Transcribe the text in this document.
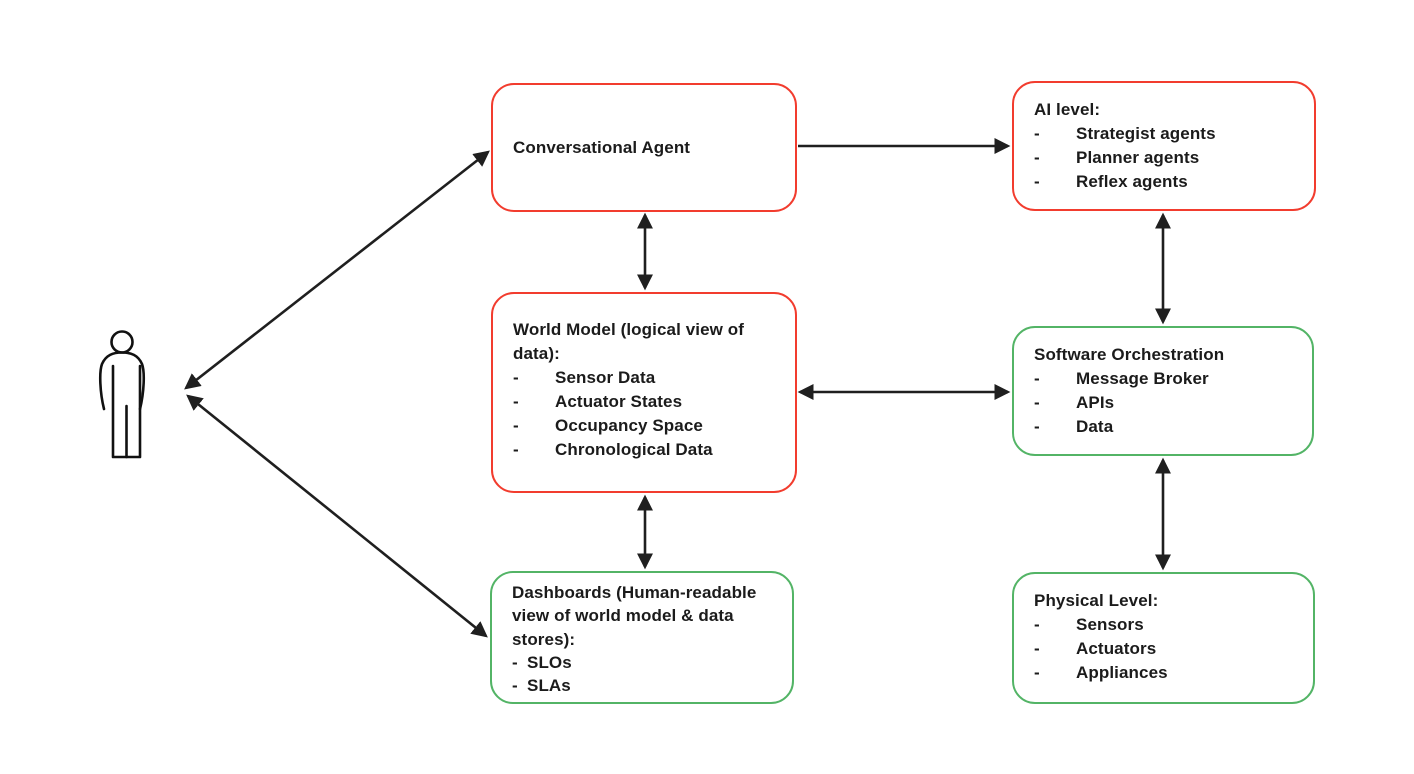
Conversational Agent
AI level:
-	Strategist agents
-	Planner agents
-	Reflex agents
World Model (logical view of data):
-	Sensor Data
-	Actuator States
-	Occupancy Space
-	Chronological Data
Software Orchestration
-	Message Broker
-	APIs
-	Data
Dashboards (Human-readable view of world model & data stores):
- SLOs
- SLAs
Physical Level:
-	Sensors
-	Actuators
-	Appliances
